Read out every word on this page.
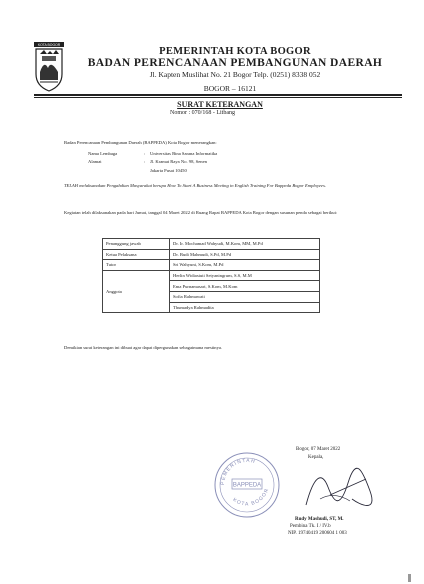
KOTA BOGOR
PEMERINTAH KOTA BOGOR
BADAN PERENCANAAN PEMBANGUNAN DAERAH
Jl. Kapten Muslihat No. 21 Bogor Telp. (0251) 8338 052
BOGOR – 16121
SURAT KETERANGAN
Nomor : 070/168 - Litbang
Badan Perencanaan Pembangunan Daerah (BAPPEDA) Kota Bogor menerangkan:
Nama Lembaga	:	Universitas Bina Sarana Informatika
Alamat	:	Jl. Kramat Raya No. 98, Senen
Jakarta Pusat 10450
TELAH melaksanakan Pengabdian Masyarakat berupa How To Start A Business Meeting in English Training For Bappeda Bogor Employees.
Kegiatan telah dilaksanakan pada hari Jumat, tanggal 04 Maret 2022 di Ruang Rapat BAPPEDA Kota Bogor dengan susunan penda sebagai berikut:
Penanggung jawab	Dr. Ir. Mochamad Wahyudi, M.Kom, MM, M.Pd
Ketua Pelaksana	Dr. Budi Mahmudi, S.Pd, M.Pd
Tutor	Sri Wahyuni, S.Kom, M.Pd
Anggota	Herlin Widiastuti Setyaningrum, S.S, M.M
	Ema Purnamasari, S.Kom, M.Kom
	Sofia Rahmawati
	Thumadya Rahmadita
Demikian surat keterangan ini dibuat agar dapat dipergunakan sebagaimana mestinya.
PEMERINTAH
KOTA BOGOR
BAPPEDA
Bogor, 07 Maret 2022
Kepala,
Rudy Mashudi, ST, M.
Pembina Tk. I / IV.b
NIP. 19740419 200604 1 003
